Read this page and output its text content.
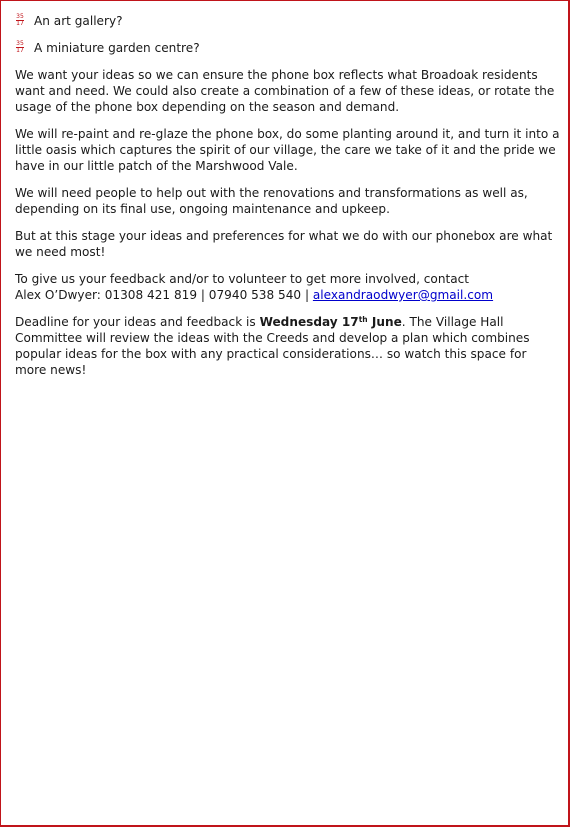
35
17 An art gallery?
35
17 A miniature garden centre?

We want your ideas so we can ensure the phone box reflects what Broadoak residents want and need. We could also create a combination of a few of these ideas, or rotate the usage of the phone box depending on the season and demand.

We will re-paint and re-glaze the phone box, do some planting around it, and turn it into a little oasis which captures the spirit of our village, the care we take of it and the pride we have in our little patch of the Marshwood Vale.

We will need people to help out with the renovations and transformations as well as, depending on its final use, ongoing maintenance and upkeep.

But at this stage your ideas and preferences for what we do with our phonebox are what we need most!

To give us your feedback and/or to volunteer to get more involved, contact
Alex O’Dwyer: 01308 421 819 | 07940 538 540 | alexandraodwyer@gmail.com

Deadline for your ideas and feedback is Wednesday 17th June. The Village Hall Committee will review the ideas with the Creeds and develop a plan which combines popular ideas for the box with any practical considerations… so watch this space for more news!
